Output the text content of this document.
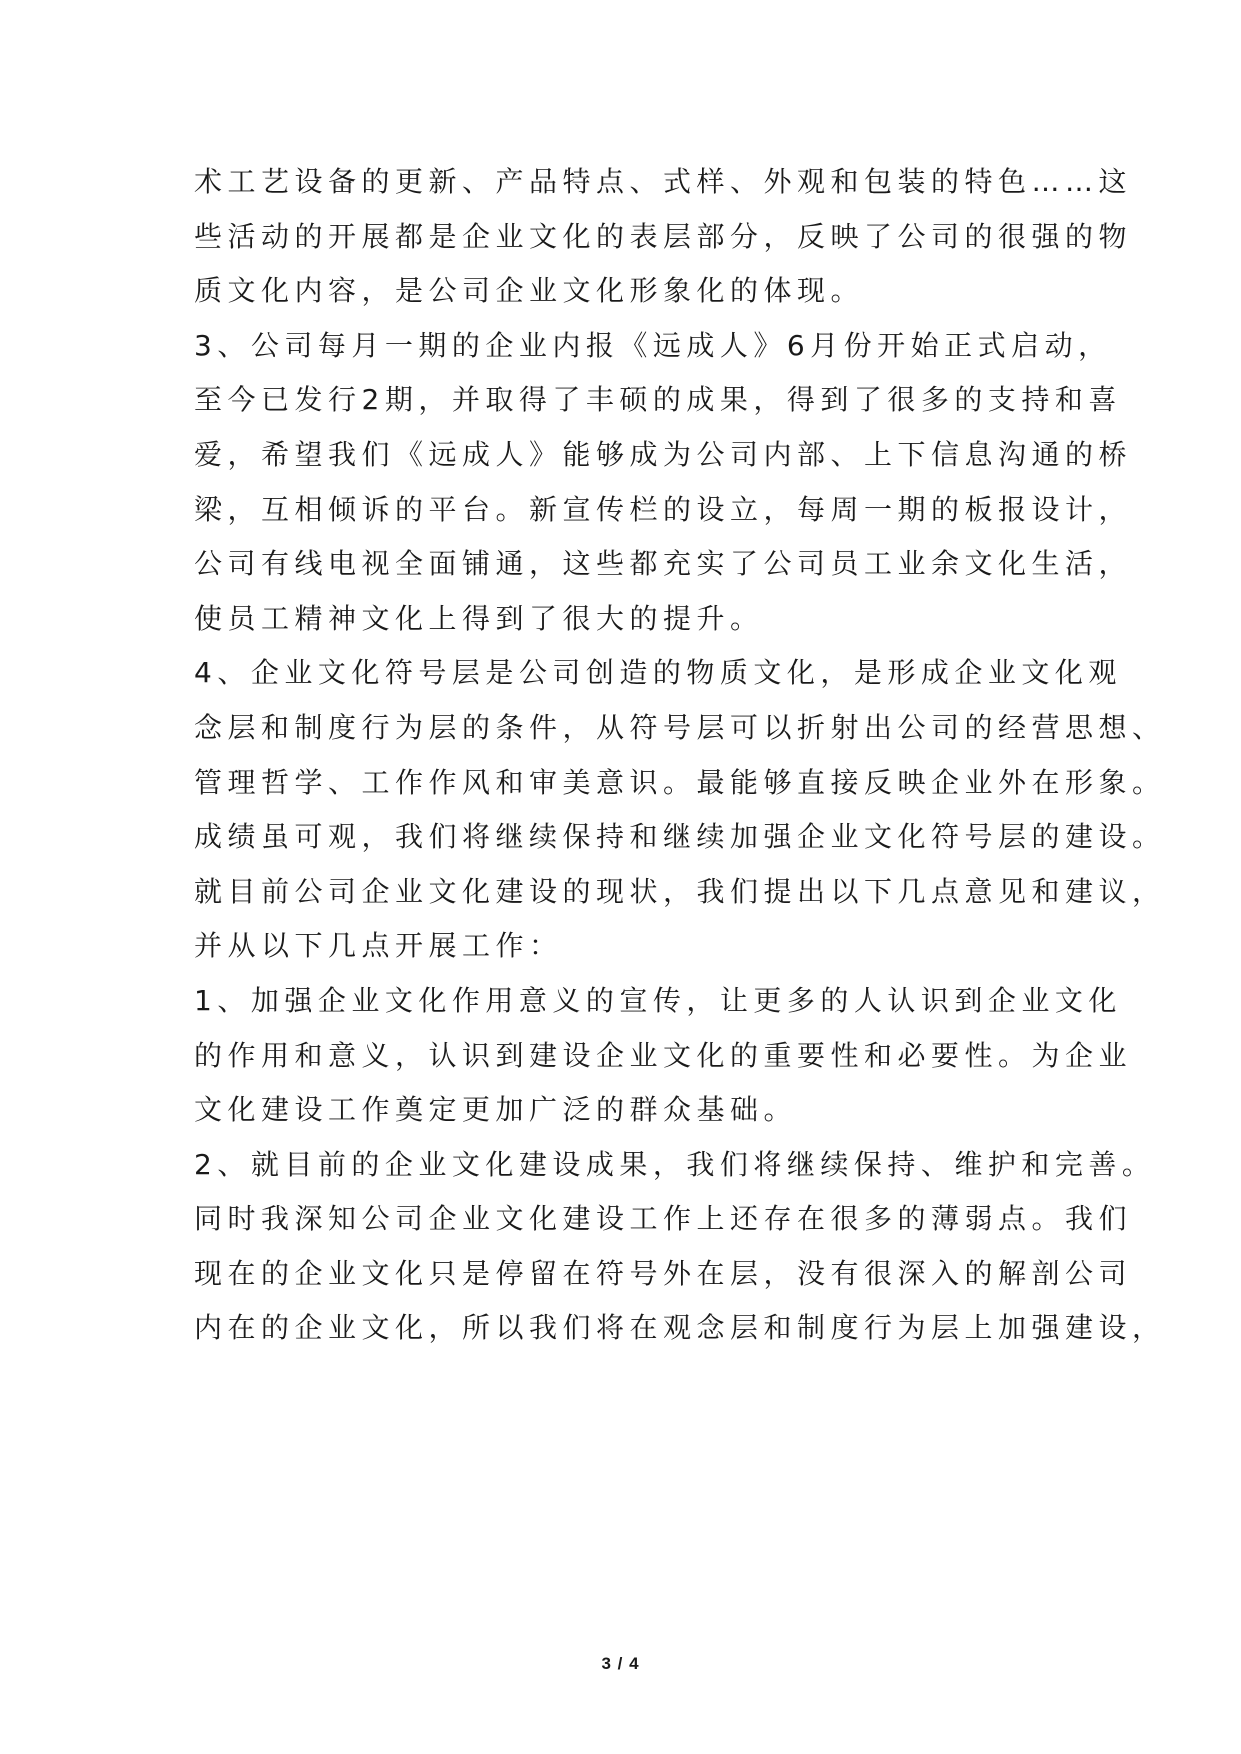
术工艺设备的更新、产品特点、式样、外观和包装的特色……这
些活动的开展都是企业文化的表层部分，反映了公司的很强的物
质文化内容，是公司企业文化形象化的体现。
3、公司每月一期的企业内报《远成人》6月份开始正式启动，
至今已发行2期，并取得了丰硕的成果，得到了很多的支持和喜
爱，希望我们《远成人》能够成为公司内部、上下信息沟通的桥
梁，互相倾诉的平台。新宣传栏的设立，每周一期的板报设计，
公司有线电视全面铺通，这些都充实了公司员工业余文化生活，
使员工精神文化上得到了很大的提升。
4、企业文化符号层是公司创造的物质文化，是形成企业文化观
念层和制度行为层的条件，从符号层可以折射出公司的经营思想、
管理哲学、工作作风和审美意识。最能够直接反映企业外在形象。
成绩虽可观，我们将继续保持和继续加强企业文化符号层的建设。
就目前公司企业文化建设的现状，我们提出以下几点意见和建议，
并从以下几点开展工作：
1、加强企业文化作用意义的宣传，让更多的人认识到企业文化
的作用和意义，认识到建设企业文化的重要性和必要性。为企业
文化建设工作奠定更加广泛的群众基础。
2、就目前的企业文化建设成果，我们将继续保持、维护和完善。
同时我深知公司企业文化建设工作上还存在很多的薄弱点。我们
现在的企业文化只是停留在符号外在层，没有很深入的解剖公司
内在的企业文化，所以我们将在观念层和制度行为层上加强建设，
3 / 4
